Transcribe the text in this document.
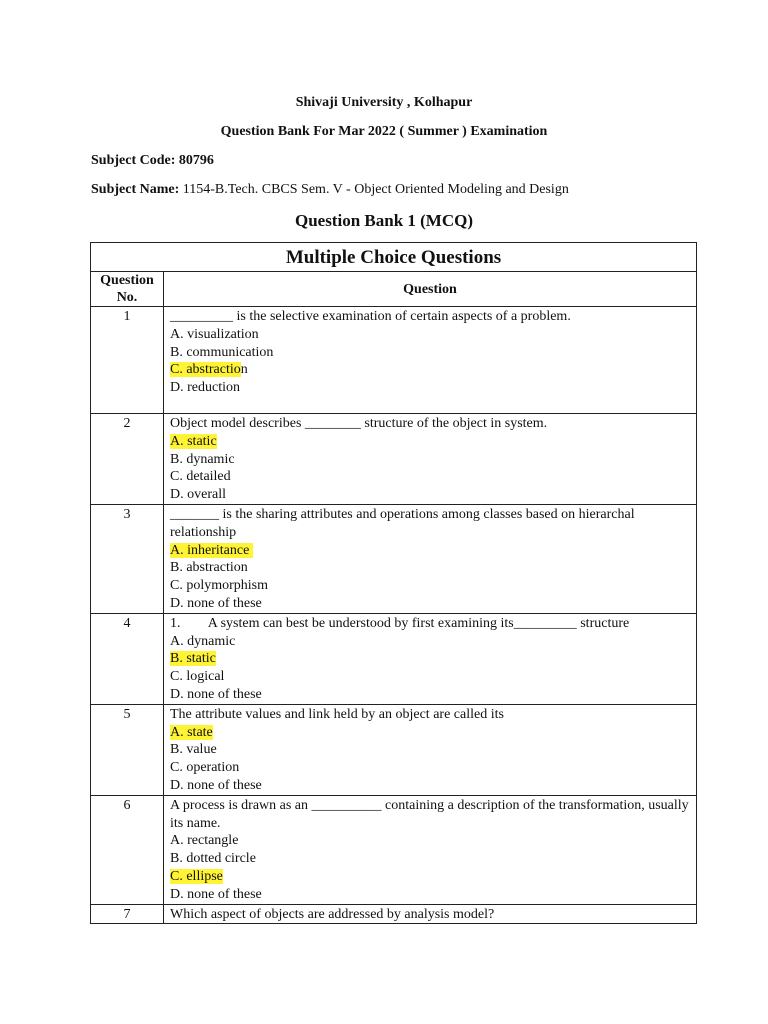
Shivaji University , Kolhapur
Question Bank For Mar 2022 ( Summer ) Examination
Subject Code: 80796
Subject Name: 1154-B.Tech. CBCS Sem. V - Object Oriented Modeling and Design
Question Bank 1 (MCQ)
Multiple Choice Questions	
Question No.	Question
1	_________ is the selective examination of certain aspects of a problem.
A. visualization
B. communication
C. abstraction
D. reduction

2	Object model describes ________ structure of the object in system.
A. static
B. dynamic
C. detailed
D. overall

3	_______ is the sharing attributes and operations among classes based on hierarchal relationship
A. inheritance
B. abstraction
C. polymorphism
D. none of these

4	1.        A system can best be understood by first examining its_________ structure
A. dynamic
B. static
C. logical
D. none of these

5	The attribute values and link held by an object are called its
A. state
B. value
C. operation
D. none of these

6	A process is drawn as an __________ containing a description of the transformation, usually its name.
A. rectangle
B. dotted circle
C. ellipse
D. none of these

7	Which aspect of objects are addressed by analysis model?
